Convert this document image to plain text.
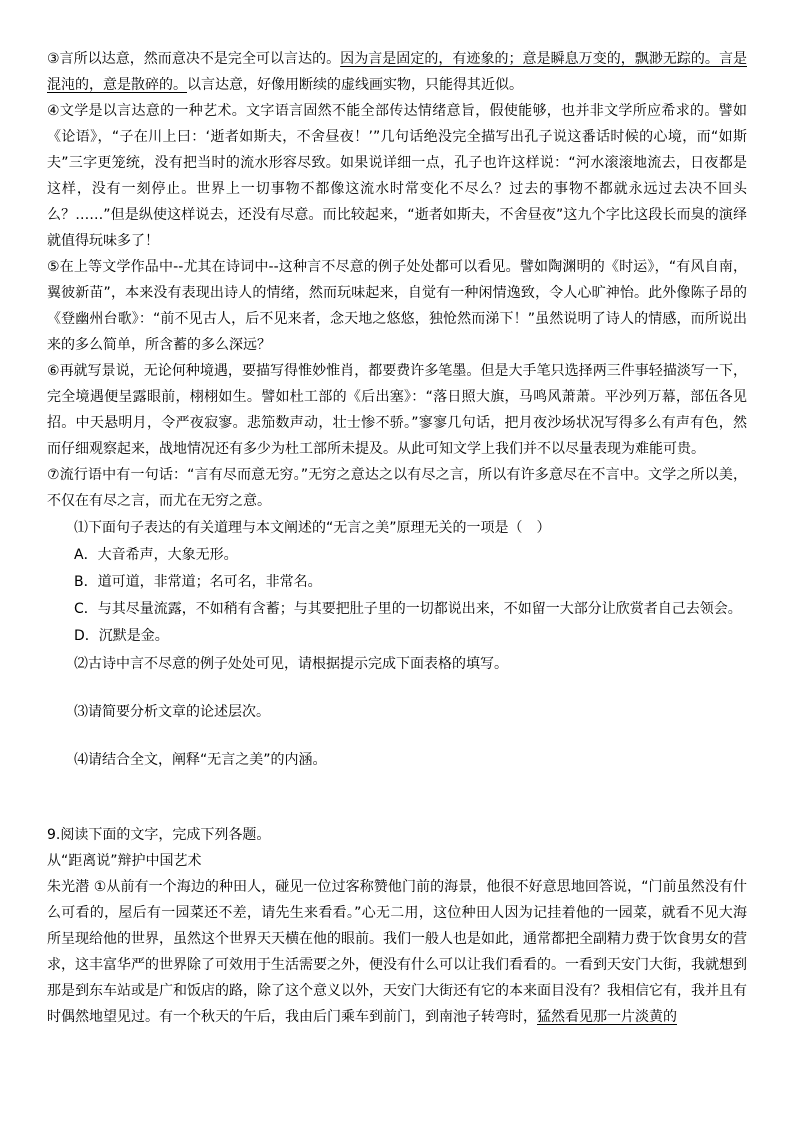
③言所以达意，然而意决不是完全可以言达的。因为言是固定的，有迹象的；意是瞬息万变的，飘渺无踪的。言是混沌的，意是散碎的。以言达意，好像用断续的虚线画实物，只能得其近似。

④文学是以言达意的一种艺术。文字语言固然不能全部传达情绪意旨，假使能够，也并非文学所应希求的。譬如《论语》，“子在川上曰：‘逝者如斯夫，不舍昼夜！’”几句话绝没完全描写出孔子说这番话时候的心境，而“如斯夫”三字更笼统，没有把当时的流水形容尽致。如果说详细一点，孔子也许这样说：“河水滚滚地流去，日夜都是这样，没有一刻停止。世界上一切事物不都像这流水时常变化不尽么？过去的事物不都就永远过去决不回头么？……”但是纵使这样说去，还没有尽意。而比较起来，“逝者如斯夫，不舍昼夜”这九个字比这段长而臭的演绎就值得玩味多了！

⑤在上等文学作品中--尤其在诗词中--这种言不尽意的例子处处都可以看见。譬如陶渊明的《时运》，“有风自南，翼彼新苗”，本来没有表现出诗人的情绪，然而玩味起来，自觉有一种闲情逸致，令人心旷神怡。此外像陈子昂的《登幽州台歌》：“前不见古人，后不见来者，念天地之悠悠，独怆然而涕下！”虽然说明了诗人的情感，而所说出来的多么简单，所含蓄的多么深远？

⑥再就写景说，无论何种境遇，要描写得惟妙惟肖，都要费许多笔墨。但是大手笔只选择两三件事轻描淡写一下，完全境遇便呈露眼前，栩栩如生。譬如杜工部的《后出塞》：“落日照大旗，马鸣风萧萧。平沙列万幕，部伍各见招。中天悬明月，令严夜寂寥。悲笳数声动，壮士惨不骄。”寥寥几句话，把月夜沙场状况写得多么有声有色，然而仔细观察起来，战地情况还有多少为杜工部所未提及。从此可知文学上我们并不以尽量表现为难能可贵。

⑦流行语中有一句话：“言有尽而意无穷。”无穷之意达之以有尽之言，所以有许多意尽在不言中。文学之所以美，不仅在有尽之言，而尤在无穷之意。

⑴下面句子表达的有关道理与本文阐述的“无言之美”原理无关的一项是（　）

A．大音希声，大象无形。

B．道可道，非常道；名可名，非常名。

C．与其尽量流露，不如稍有含蓄；与其要把肚子里的一切都说出来，不如留一大部分让欣赏者自己去领会。

D．沉默是金。

⑵古诗中言不尽意的例子处处可见，请根据提示完成下面表格的填写。

⑶请简要分析文章的论述层次。

⑷请结合全文，阐释“无言之美”的内涵。

9.阅读下面的文字，完成下列各题。

从“距离说”辩护中国艺术

朱光潜 ①从前有一个海边的种田人，碰见一位过客称赞他门前的海景，他很不好意思地回答说，“门前虽然没有什么可看的，屋后有一园菜还不差，请先生来看看。”心无二用，这位种田人因为记挂着他的一园菜，就看不见大海所呈现给他的世界，虽然这个世界天天横在他的眼前。我们一般人也是如此，通常都把全副精力费于饮食男女的营求，这丰富华严的世界除了可效用于生活需要之外，便没有什么可以让我们看看的。一看到天安门大街，我就想到那是到东车站或是广和饭店的路，除了这个意义以外，天安门大街还有它的本来面目没有？我相信它有，我并且有时偶然地望见过。有一个秋天的午后，我由后门乘车到前门，到南池子转弯时，猛然看见那一片淡黄的
